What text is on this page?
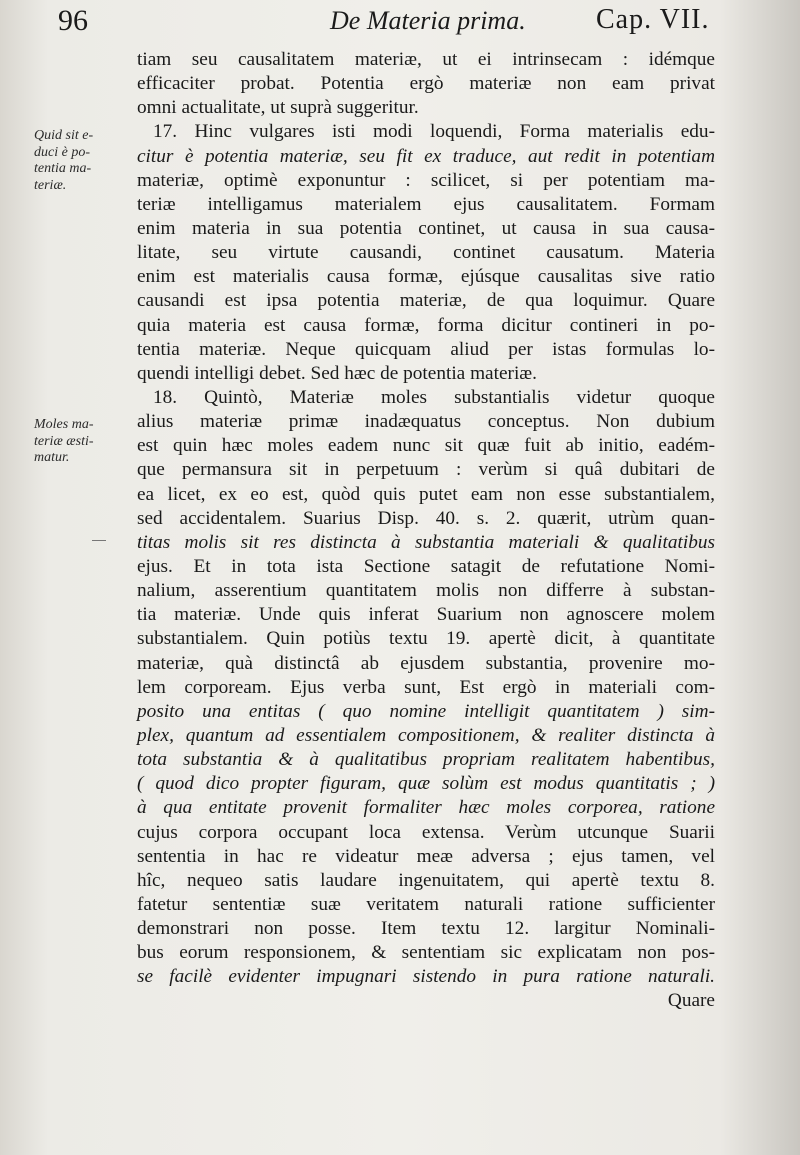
96	De Materia prima.	Cap. VII.
Quid sit e-
duci è po-
tentia ma-
teriæ.
Moles ma-
teriæ æsti-
matur.
tiam seu causalitatem materiæ, ut ei intrinsecam : idémque
efficaciter probat. Potentia ergò materiæ non eam privat
omni actualitate, ut suprà suggeritur.
17. Hinc vulgares isti modi loquendi, Forma materialis edu-
citur è potentia materiæ, seu fit ex traduce, aut redit in potentiam
materiæ, optimè exponuntur : scilicet, si per potentiam ma-
teriæ intelligamus materialem ejus causalitatem. Formam
enim materia in sua potentia continet, ut causa in sua causa-
litate, seu virtute causandi, continet causatum. Materia
enim est materialis causa formæ, ejúsque causalitas sive ratio
causandi est ipsa potentia materiæ, de qua loquimur. Quare
quia materia est causa formæ, forma dicitur contineri in po-
tentia materiæ. Neque quicquam aliud per istas formulas lo-
quendi intelligi debet. Sed hæc de potentia materiæ.
18. Quintò, Materiæ moles substantialis videtur quoque
alius materiæ primæ inadæquatus conceptus. Non dubium
est quin hæc moles eadem nunc sit quæ fuit ab initio, eadém-
que permansura sit in perpetuum : verùm si quâ dubitari de
ea licet, ex eo est, quòd quis putet eam non esse substantialem,
sed accidentalem. Suarius Disp. 40. s. 2. quærit, utrùm quan-
titas molis sit res distincta à substantia materiali & qualitatibus
ejus. Et in tota ista Sectione satagit de refutatione Nomi-
nalium, asserentium quantitatem molis non differre à substan-
tia materiæ. Unde quis inferat Suarium non agnoscere molem
substantialem. Quin potiùs textu 19. apertè dicit, à quantitate
materiæ, quà distinctâ ab ejusdem substantia, provenire mo-
lem corpoream. Ejus verba sunt, Est ergò in materiali com-
posito una entitas ( quo nomine intelligit quantitatem ) sim-
plex, quantum ad essentialem compositionem, & realiter distincta à
tota substantia & à qualitatibus propriam realitatem habentibus,
( quod dico propter figuram, quæ solùm est modus quantitatis ; )
à qua entitate provenit formaliter hæc moles corporea, ratione
cujus corpora occupant loca extensa. Verùm utcunque Suarii
sententia in hac re videatur meæ adversa ; ejus tamen, vel
hîc, nequeo satis laudare ingenuitatem, qui apertè textu 8.
fatetur sententiæ suæ veritatem naturali ratione sufficienter
demonstrari non posse. Item textu 12. largitur Nominali-
bus eorum responsionem, & sententiam sic explicatam non pos-
se facilè evidenter impugnari sistendo in pura ratione naturali.
Quare
